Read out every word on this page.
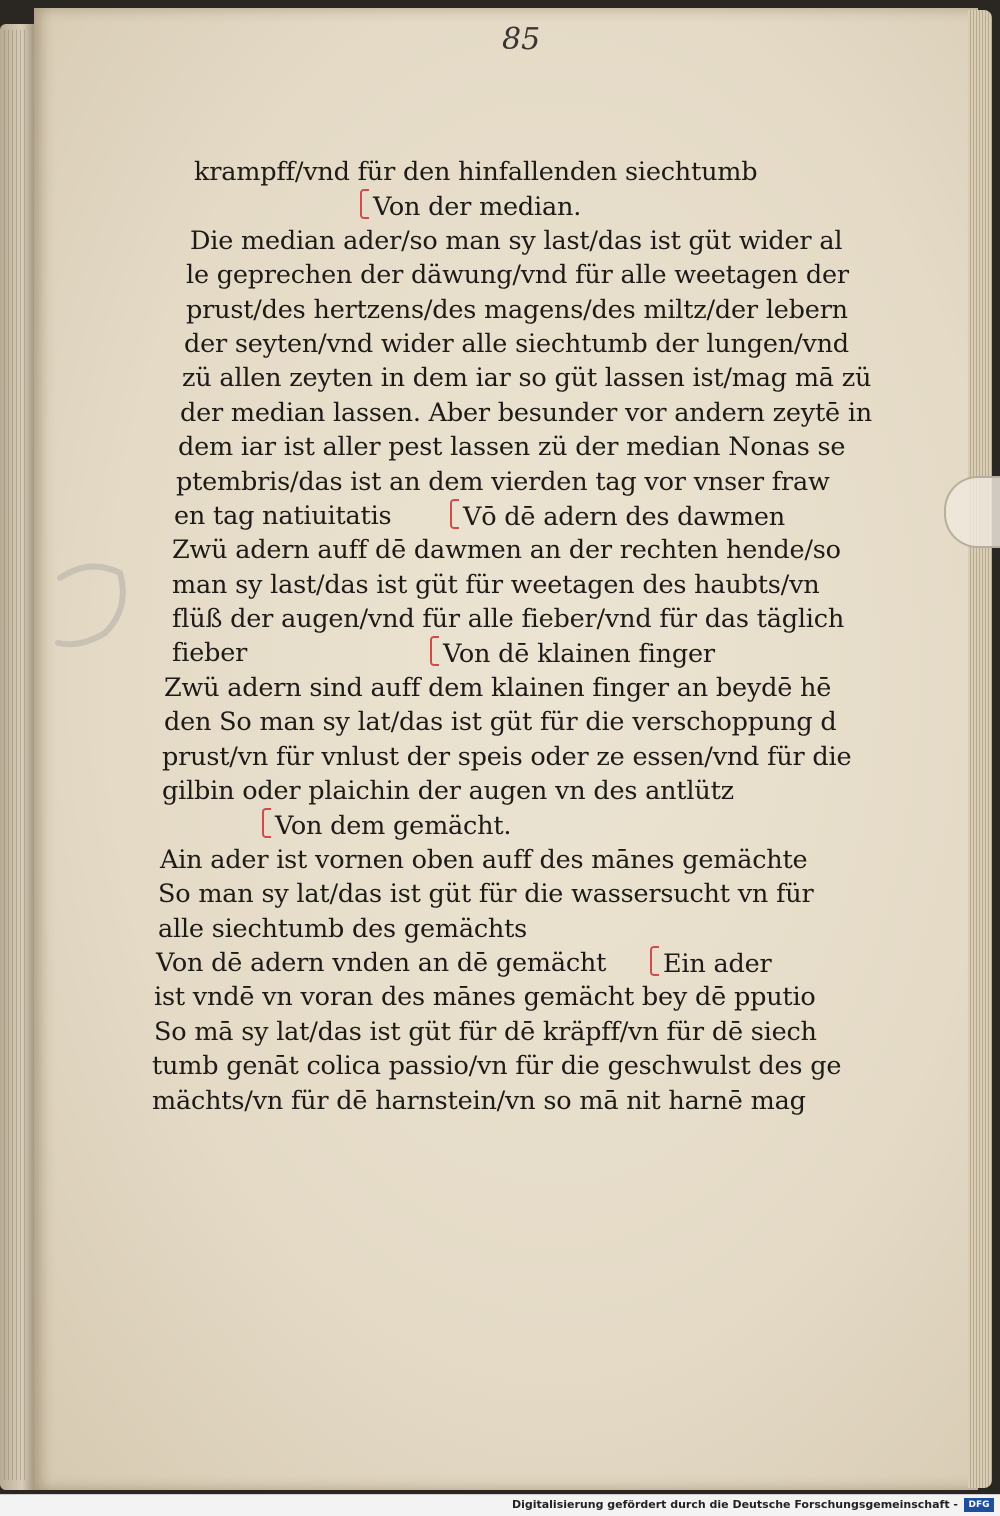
85
krampff/vnd für den hinfallenden siechtumb
Von der median.
Die median ader/so man sy last/das ist güt wider al
le geprechen der däwung/vnd für alle weetagen der
prust/des hertzens/des magens/des miltz/der lebern
der seyten/vnd wider alle siechtumb der lungen/vnd
zü allen zeyten in dem iar so güt lassen ist/mag mā zü
der median lassen. Aber besunder vor andern zeytē in
dem iar ist aller pest lassen zü der median Nonas se
ptembris/das ist an dem vierden tag vor vnser fraw
en tag natiuitatis	Vō dē adern des dawmen
Zwü adern auff dē dawmen an der rechten hende/so
man sy last/das ist güt für weetagen des haubts/vn
flüß der augen/vnd für alle fieber/vnd für das täglich
fieber	Von dē klainen finger
Zwü adern sind auff dem klainen finger an beydē hē
den So man sy lat/das ist güt für die verschoppung d
prust/vn für vnlust der speis oder ze essen/vnd für die
gilbin oder plaichin der augen vn des antlütz
Von dem gemächt.
Ain ader ist vornen oben auff des mānes gemächte
So man sy lat/das ist güt für die wassersucht vn für
alle siechtumb des gemächts
Von dē adern vnden an dē gemächt	Ein ader
ist vndē vn voran des mānes gemächt bey dē pputio
So mā sy lat/das ist güt für dē kräpff/vn für dē siech
tumb genāt colica passio/vn für die geschwulst des ge
mächts/vn für dē harnstein/vn so mā nit harnē mag
Digitalisierung gefördert durch die Deutsche Forschungsgemeinschaft -	DFG
